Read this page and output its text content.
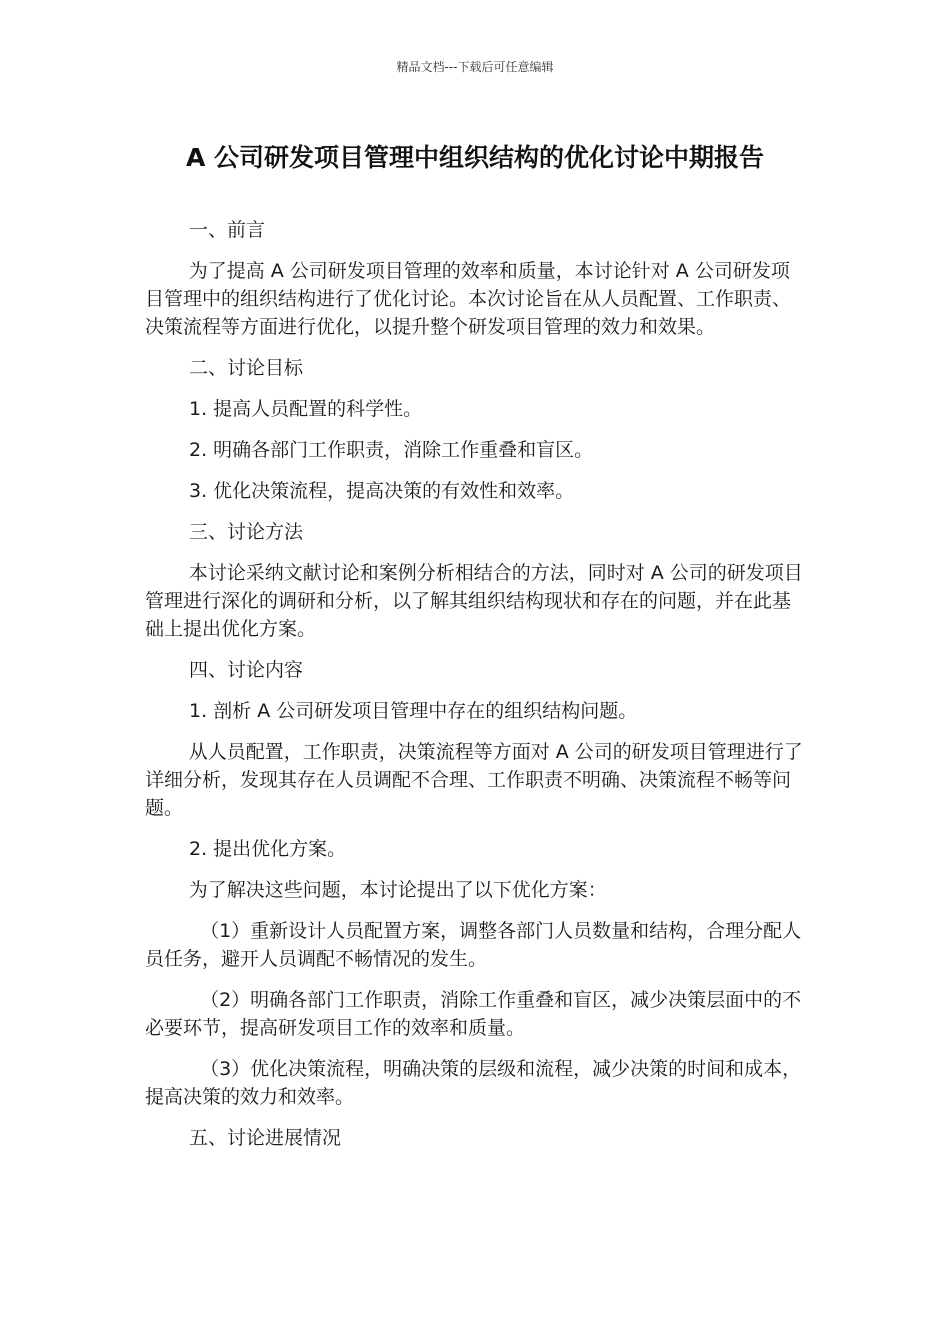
精品文档---下载后可任意编辑
A 公司研发项目管理中组织结构的优化讨论中期报告
一、前言
为了提高 A 公司研发项目管理的效率和质量，本讨论针对 A 公司研发项目管理中的组织结构进行了优化讨论。本次讨论旨在从人员配置、工作职责、决策流程等方面进行优化，以提升整个研发项目管理的效力和效果。
二、讨论目标
1. 提高人员配置的科学性。
2. 明确各部门工作职责，消除工作重叠和盲区。
3. 优化决策流程，提高决策的有效性和效率。
三、讨论方法
本讨论采纳文献讨论和案例分析相结合的方法，同时对 A 公司的研发项目管理进行深化的调研和分析，以了解其组织结构现状和存在的问题，并在此基础上提出优化方案。
四、讨论内容
1. 剖析 A 公司研发项目管理中存在的组织结构问题。
从人员配置，工作职责，决策流程等方面对 A 公司的研发项目管理进行了详细分析，发现其存在人员调配不合理、工作职责不明确、决策流程不畅等问题。
2. 提出优化方案。
为了解决这些问题，本讨论提出了以下优化方案：
（1）重新设计人员配置方案，调整各部门人员数量和结构，合理分配人员任务，避开人员调配不畅情况的发生。
（2）明确各部门工作职责，消除工作重叠和盲区，减少决策层面中的不必要环节，提高研发项目工作的效率和质量。
（3）优化决策流程，明确决策的层级和流程，减少决策的时间和成本，提高决策的效力和效率。
五、讨论进展情况
